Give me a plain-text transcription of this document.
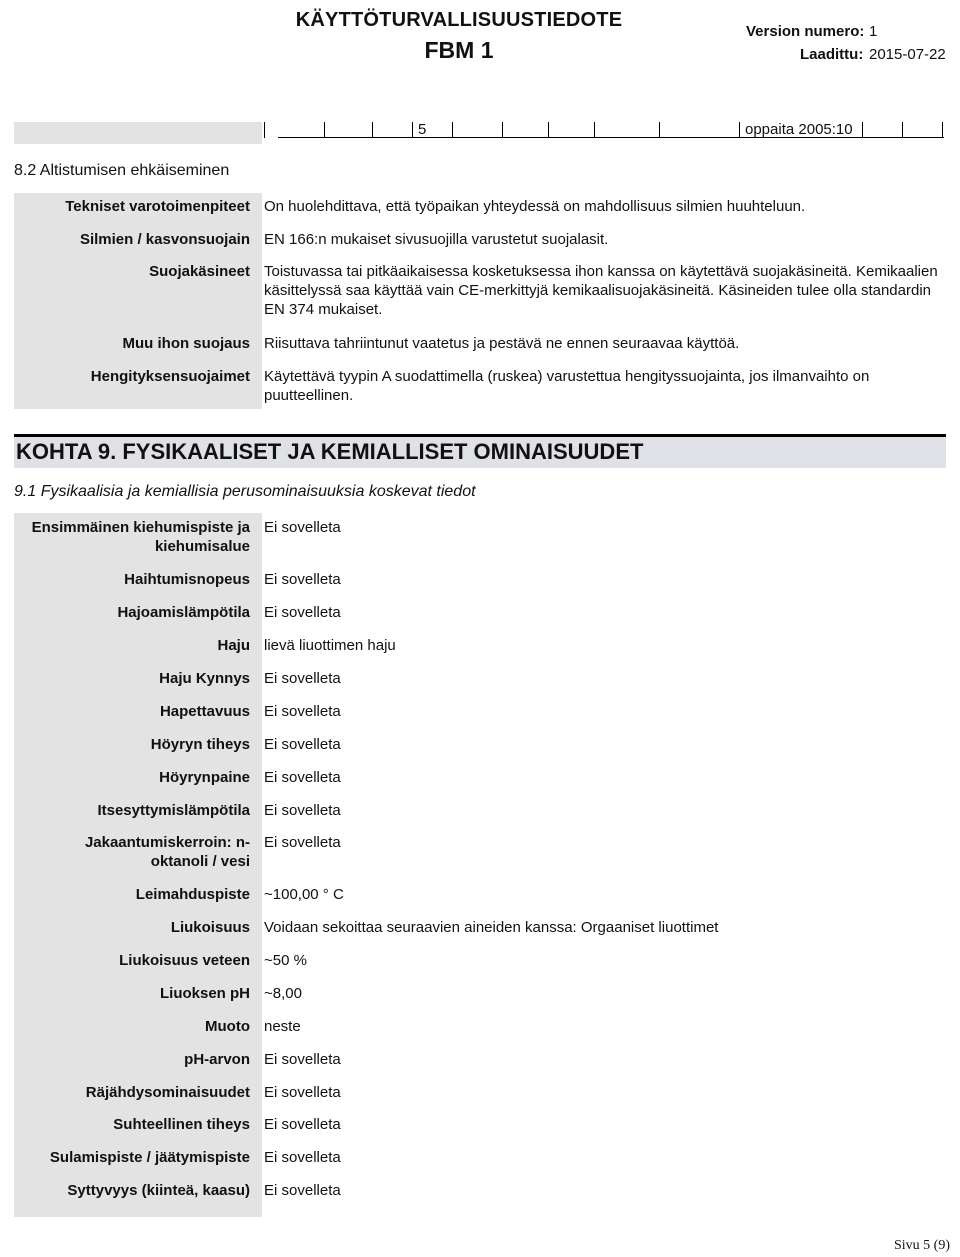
KÄYTTÖTURVALLISUUSTIEDOTE
FBM 1
Version numero: 1
Laadittu: 2015-07-22
5	oppaita 2005:10
8.2 Altistumisen ehkäiseminen
Tekniset varotoimenpiteet On huolehdittava, että työpaikan yhteydessä on mahdollisuus silmien huuhteluun.
Silmien / kasvonsuojain EN 166:n mukaiset sivusuojilla varustetut suojalasit.
Suojakäsineet Toistuvassa tai pitkäaikaisessa kosketuksessa ihon kanssa on käytettävä suojakäsineitä. Kemikaalien käsittelyssä saa käyttää vain CE-merkittyjä kemikaalisuojakäsineitä. Käsineiden tulee olla standardin EN 374 mukaiset.
Muu ihon suojaus Riisuttava tahriintunut vaatetus ja pestävä ne ennen seuraavaa käyttöä.
Hengityksensuojaimet Käytettävä tyypin A suodattimella (ruskea) varustettua hengityssuojainta, jos ilmanvaihto on puutteellinen.
KOHTA 9. FYSIKAALISET JA KEMIALLISET OMINAISUUDET
9.1 Fysikaalisia ja kemiallisia perusominaisuuksia koskevat tiedot
Ensimmäinen kiehumispiste ja kiehumisalue
Ei sovelleta
Haihtumisnopeus Ei sovelleta
Hajoamislämpötila Ei sovelleta
Haju lievä liuottimen haju
Haju Kynnys Ei sovelleta
Hapettavuus Ei sovelleta
Höyryn tiheys Ei sovelleta
Höyrynpaine Ei sovelleta
Itsesyttymislämpötila Ei sovelleta
Jakaantumiskerroin: n-oktanoli / vesi
Ei sovelleta
Leimahduspiste ~100,00 ° C
Liukoisuus Voidaan sekoittaa seuraavien aineiden kanssa: Orgaaniset liuottimet
Liukoisuus veteen ~50 %
Liuoksen pH ~8,00
Muoto neste
pH-arvon Ei sovelleta
Räjähdysominaisuudet Ei sovelleta
Suhteellinen tiheys Ei sovelleta
Sulamispiste / jäätymispiste Ei sovelleta
Syttyvyys (kiinteä, kaasu) Ei sovelleta
Sivu 5 (9)
